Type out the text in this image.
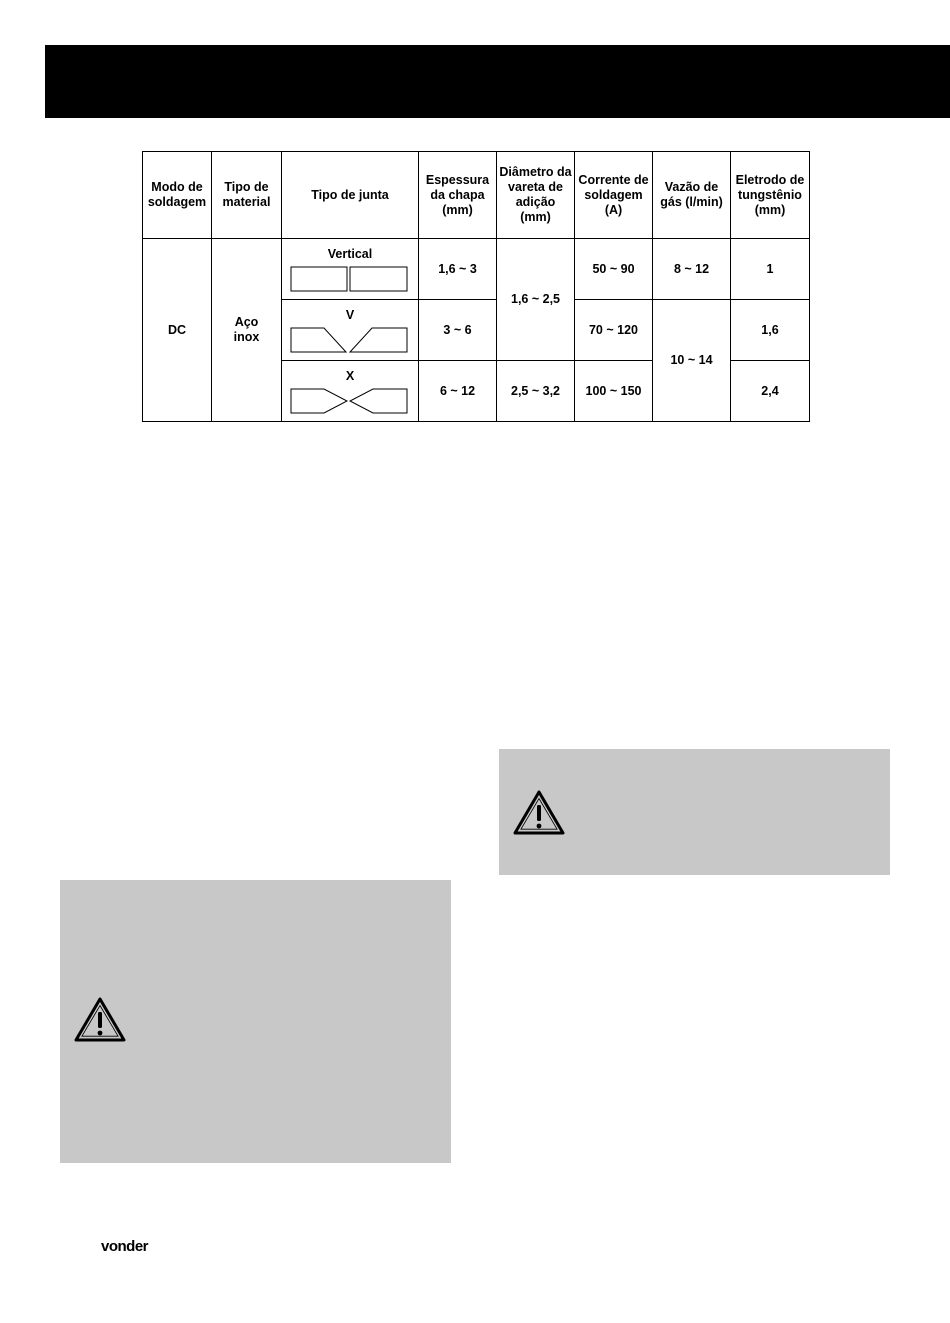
Modo de soldagem	Tipo de material	Tipo de junta	Espessura da chapa (mm)	Diâmetro da vareta de adição (mm)	Corrente de soldagem (A)	Vazão de gás (l/min)	Eletrodo de tungstênio (mm)
DC	Aço inox	Vertical	1,6 ~ 3	1,6 ~ 2,5	50 ~ 90	8 ~ 12	1

		V	3 ~ 6		70 ~ 120	10 ~ 14	1,6

		X	6 ~ 12	2,5 ~ 3,2	100 ~ 150		2,4
vonder
